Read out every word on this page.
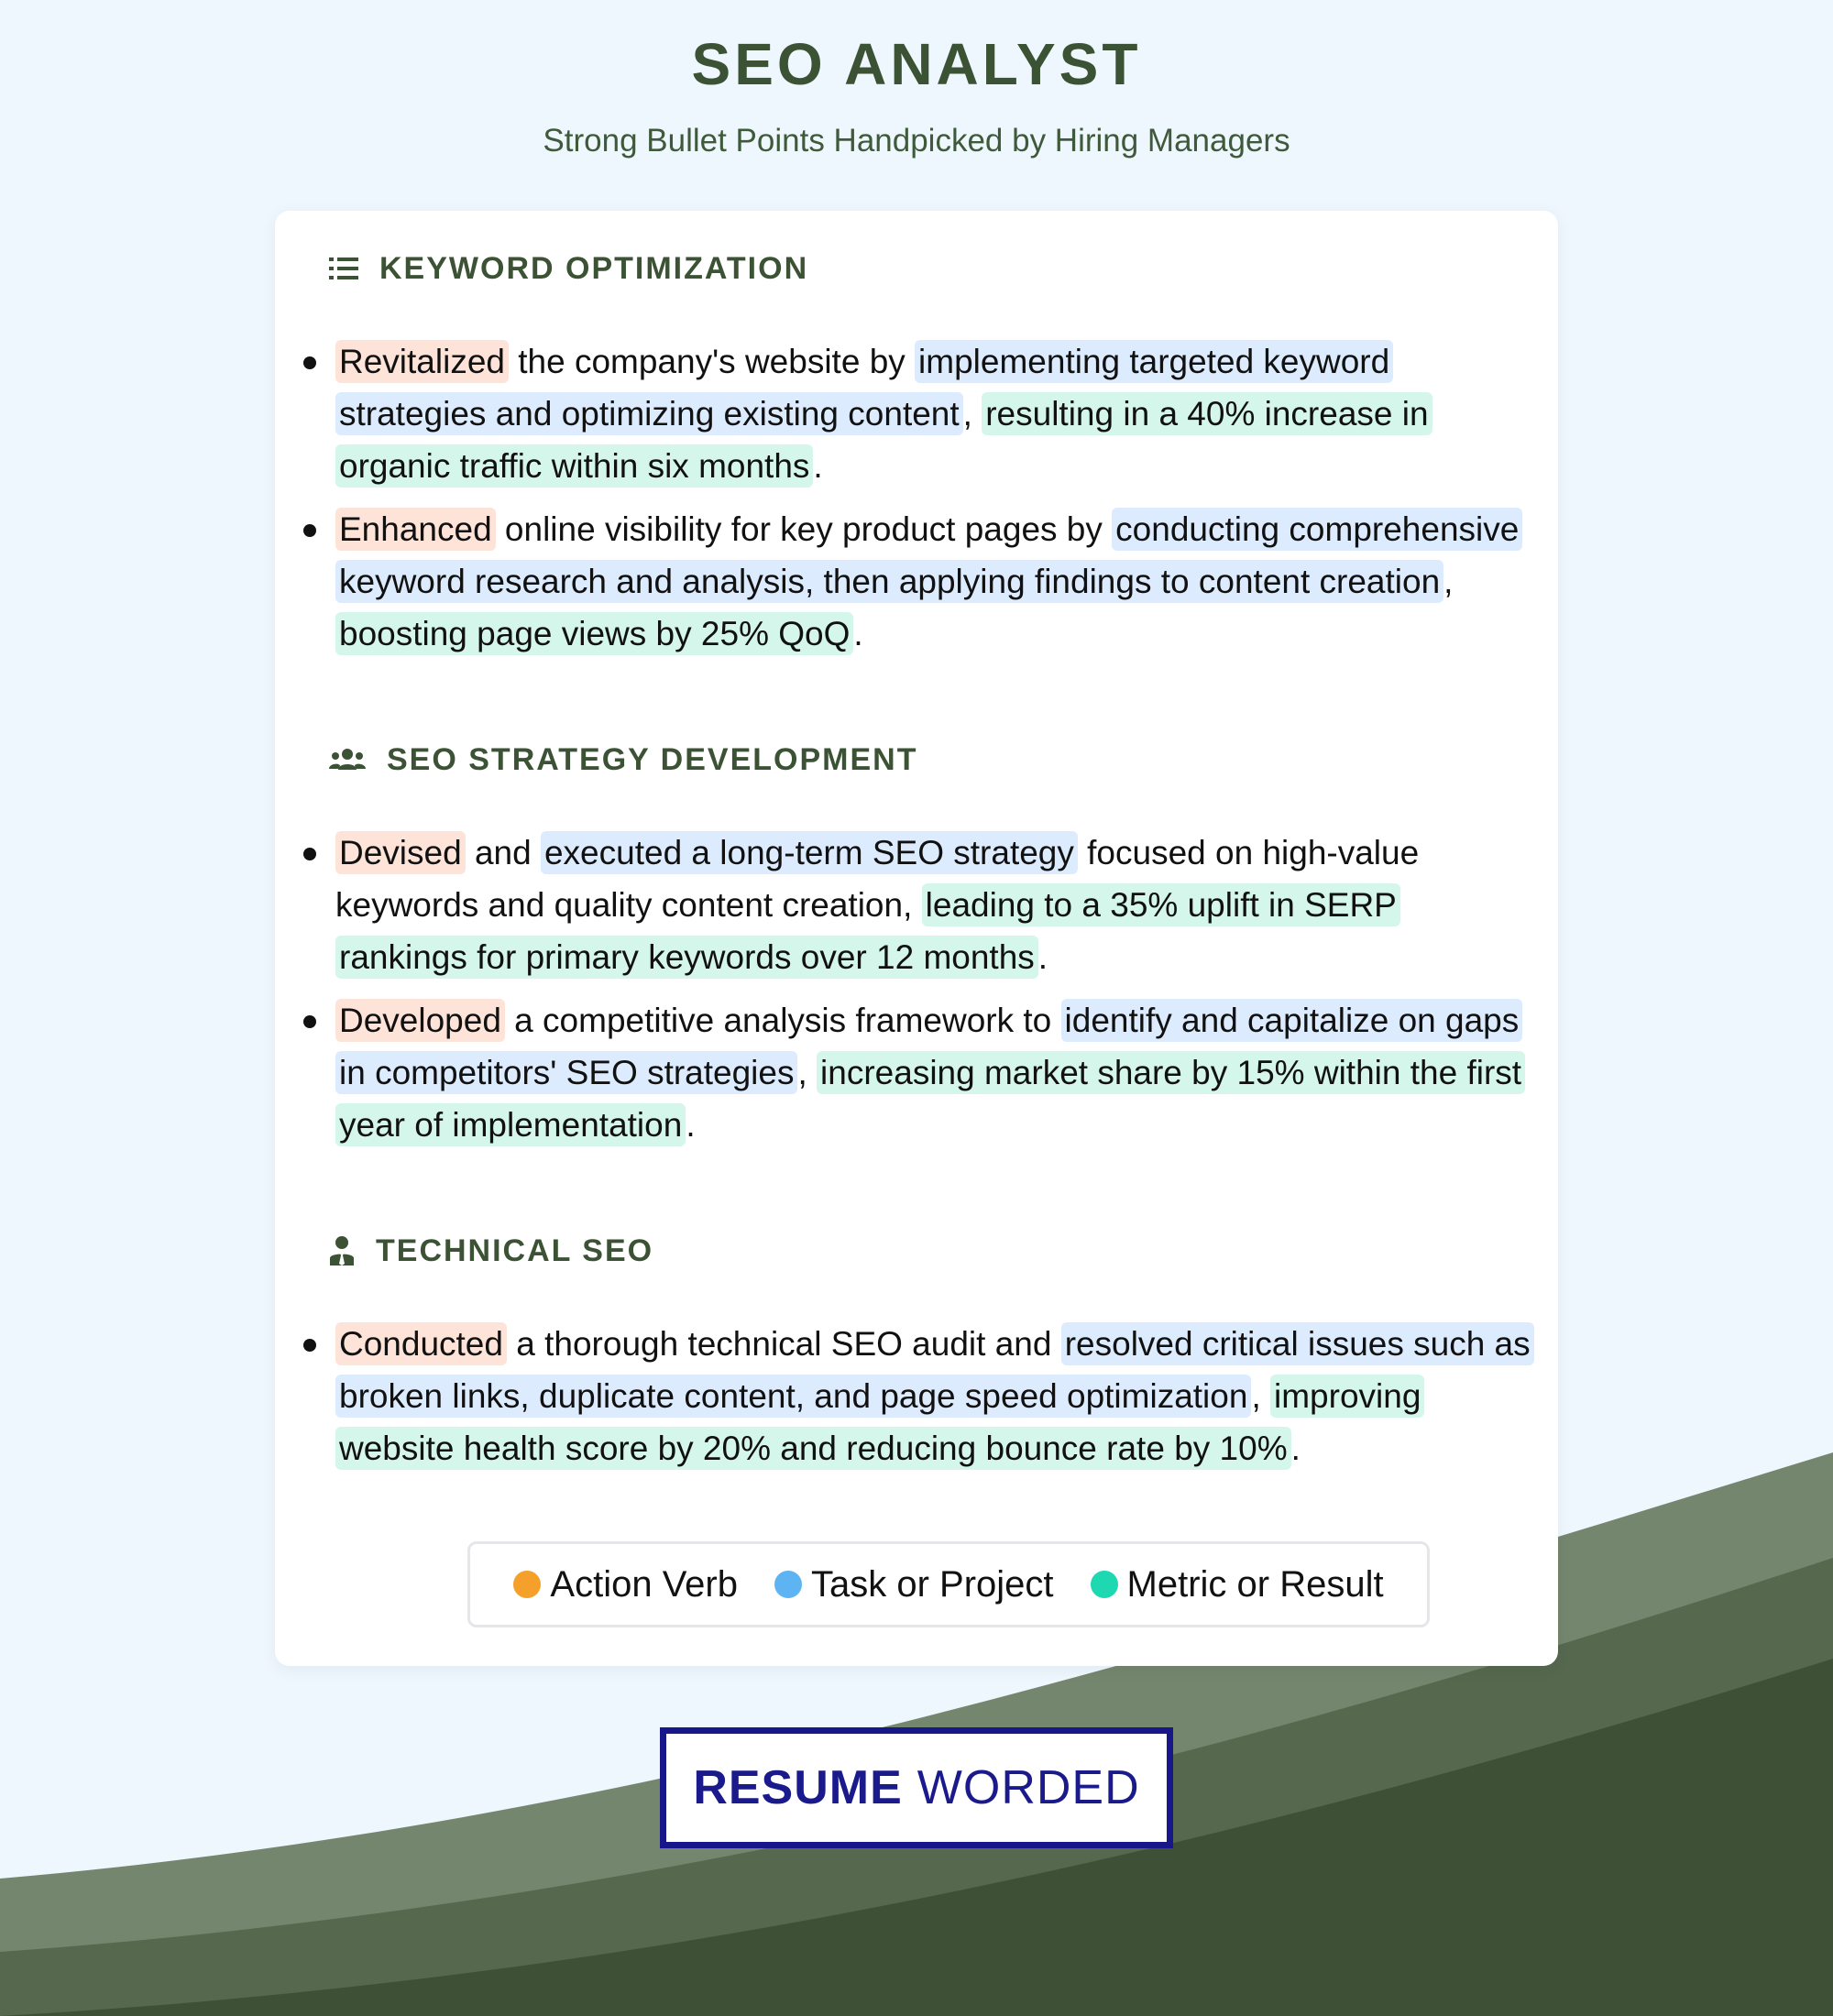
SEO ANALYST
Strong Bullet Points Handpicked by Hiring Managers
KEYWORD OPTIMIZATION
Revitalized the company's website by implementing targeted keyword strategies and optimizing existing content , resulting in a 40% increase in organic traffic within six months .
Enhanced online visibility for key product pages by conducting comprehensive keyword research and analysis, then applying findings to content creation , boosting page views by 25% QoQ .
SEO STRATEGY DEVELOPMENT
Devised and executed a long-term SEO strategy focused on high-value keywords and quality content creation, leading to a 35% uplift in SERP rankings for primary keywords over 12 months .
Developed a competitive analysis framework to identify and capitalize on gaps in competitors' SEO strategies , increasing market share by 15% within the first year of implementation .
TECHNICAL SEO
Conducted a thorough technical SEO audit and resolved critical issues such as broken links, duplicate content, and page speed optimization , improving website health score by 20% and reducing bounce rate by 10% .
Action Verb Task or Project Metric or Result
RESUME WORDED
